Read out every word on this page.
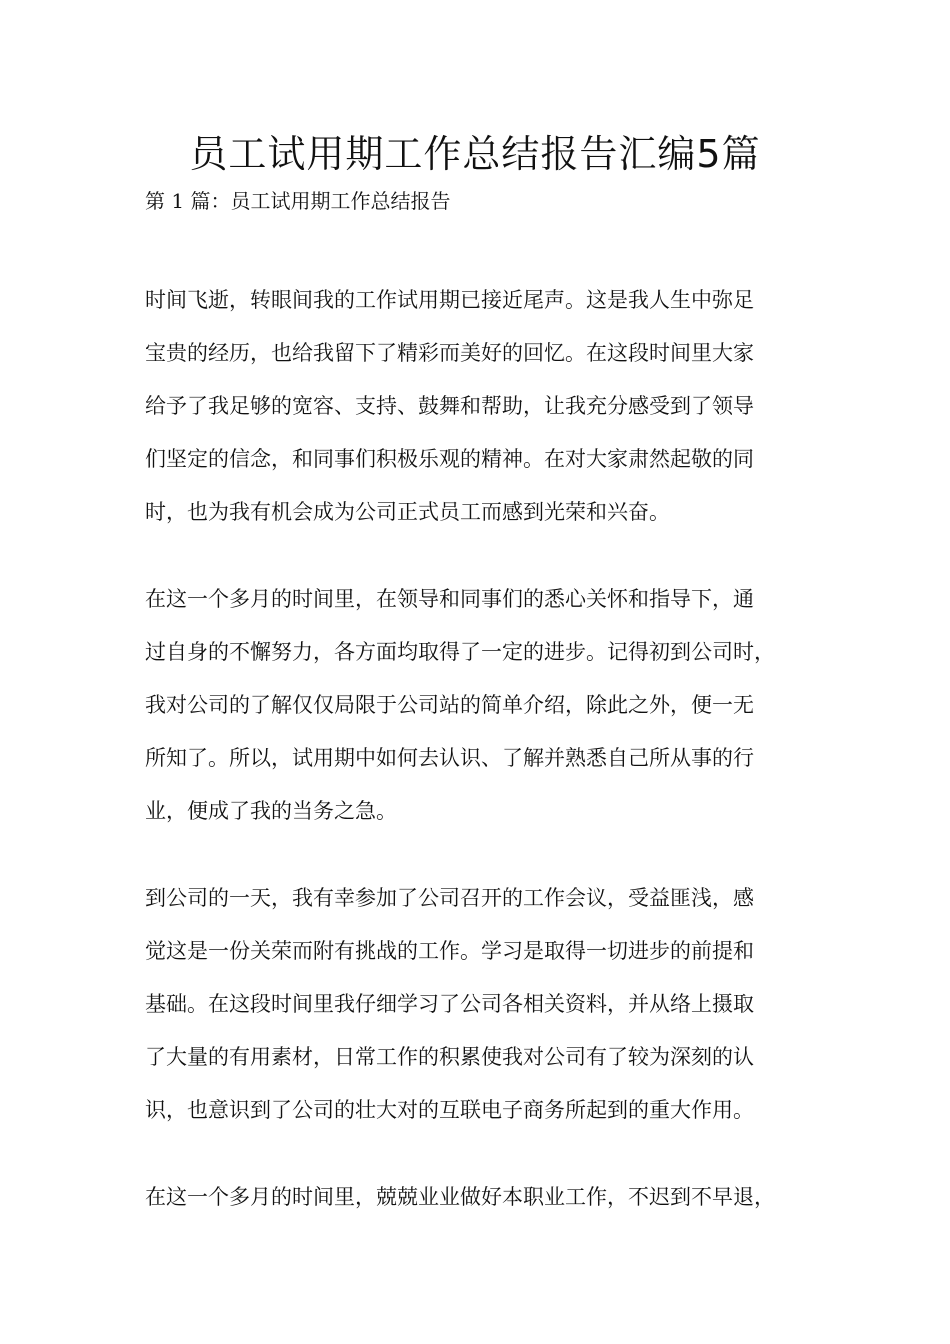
员工试用期工作总结报告汇编5篇
第 1 篇：员工试用期工作总结报告
时间飞逝，转眼间我的工作试用期已接近尾声。这是我人生中弥足
宝贵的经历，也给我留下了精彩而美好的回忆。在这段时间里大家
给予了我足够的宽容、支持、鼓舞和帮助，让我充分感受到了领导
们坚定的信念，和同事们积极乐观的精神。在对大家肃然起敬的同
时，也为我有机会成为公司正式员工而感到光荣和兴奋。
在这一个多月的时间里，在领导和同事们的悉心关怀和指导下，通
过自身的不懈努力，各方面均取得了一定的进步。记得初到公司时，
我对公司的了解仅仅局限于公司站的简单介绍，除此之外，便一无
所知了。所以，试用期中如何去认识、了解并熟悉自己所从事的行
业，便成了我的当务之急。
到公司的一天，我有幸参加了公司召开的工作会议，受益匪浅，感
觉这是一份关荣而附有挑战的工作。学习是取得一切进步的前提和
基础。在这段时间里我仔细学习了公司各相关资料，并从络上摄取
了大量的有用素材，日常工作的积累使我对公司有了较为深刻的认
识，也意识到了公司的壮大对的互联电子商务所起到的重大作用。
在这一个多月的时间里，兢兢业业做好本职业工作，不迟到不早退，
